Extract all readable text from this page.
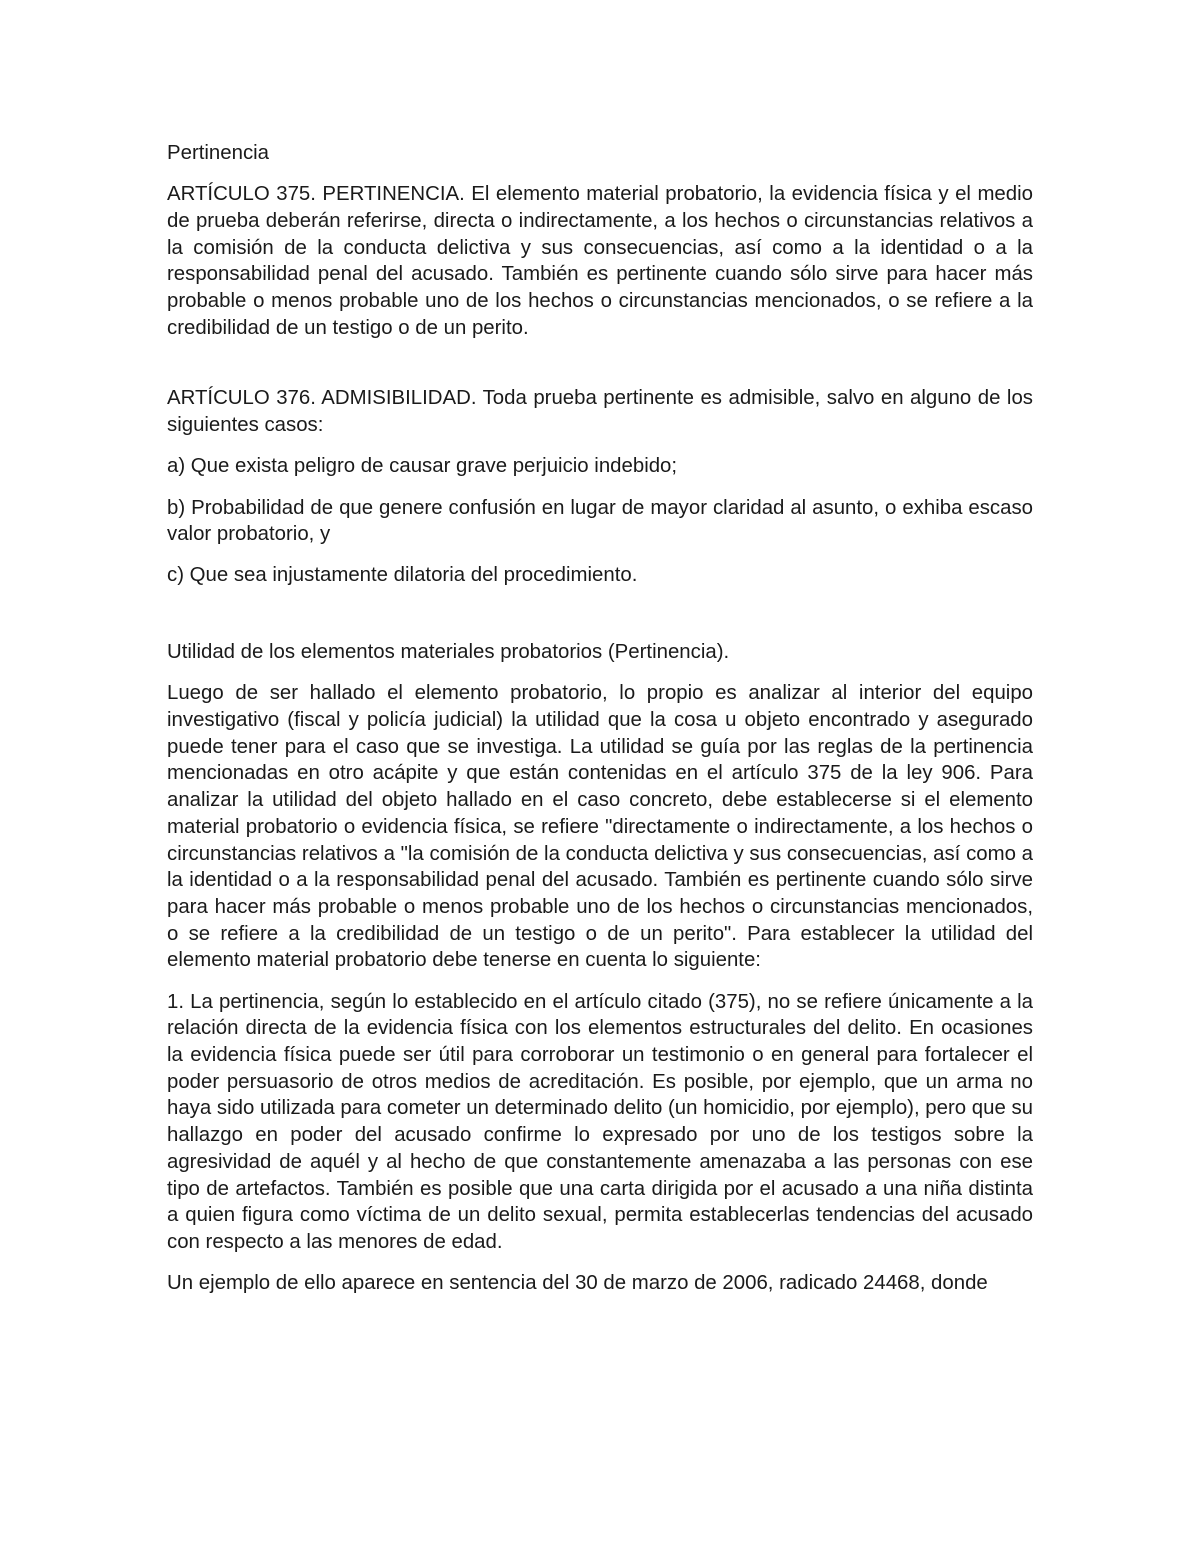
Pertinencia

ARTÍCULO 375. PERTINENCIA. El elemento material probatorio, la evidencia física y el medio de prueba deberán referirse, directa o indirectamente, a los hechos o circunstancias relativos a la comisión de la conducta delictiva y sus consecuencias, así como a la identidad o a la responsabilidad penal del acusado. También es pertinente cuando sólo sirve para hacer más probable o menos probable uno de los hechos o circunstancias mencionados, o se refiere a la credibilidad de un testigo o de un perito.

ARTÍCULO 376. ADMISIBILIDAD. Toda prueba pertinente es admisible, salvo en alguno de los siguientes casos:

a) Que exista peligro de causar grave perjuicio indebido;

b) Probabilidad de que genere confusión en lugar de mayor claridad al asunto, o exhiba escaso valor probatorio, y

c) Que sea injustamente dilatoria del procedimiento.

Utilidad de los elementos materiales probatorios (Pertinencia).

Luego de ser hallado el elemento probatorio, lo propio es analizar al interior del equipo investigativo (fiscal y policía judicial) la utilidad que la cosa u objeto encontrado y asegurado puede tener para el caso que se investiga. La utilidad se guía por las reglas de la pertinencia mencionadas en otro acápite y que están contenidas en el artículo 375 de la ley 906. Para analizar la utilidad del objeto hallado en el caso concreto, debe establecerse si el elemento material probatorio o evidencia física, se refiere "directamente o indirectamente, a los hechos o circunstancias relativos a "la comisión de la conducta delictiva y sus consecuencias, así como a la identidad o a la responsabilidad penal del acusado. También es pertinente cuando sólo sirve para hacer más probable o menos probable uno de los hechos o circunstancias mencionados, o se refiere a la credibilidad de un testigo o de un perito". Para establecer la utilidad del elemento material probatorio debe tenerse en cuenta lo siguiente:

1. La pertinencia, según lo establecido en el artículo citado (375), no se refiere únicamente a la relación directa de la evidencia física con los elementos estructurales del delito. En ocasiones la evidencia física puede ser útil para corroborar un testimonio o en general para fortalecer el poder persuasorio de otros medios de acreditación. Es posible, por ejemplo, que un arma no haya sido utilizada para cometer un determinado delito (un homicidio, por ejemplo), pero que su hallazgo en poder del acusado confirme lo expresado por uno de los testigos sobre la agresividad de aquél y al hecho de que constantemente amenazaba a las personas con ese tipo de artefactos. También es posible que una carta dirigida por el acusado a una niña distinta a quien figura como víctima de un delito sexual, permita establecerlas tendencias del acusado con respecto a las menores de edad.

Un ejemplo de ello aparece en sentencia del 30 de marzo de 2006, radicado 24468, donde
